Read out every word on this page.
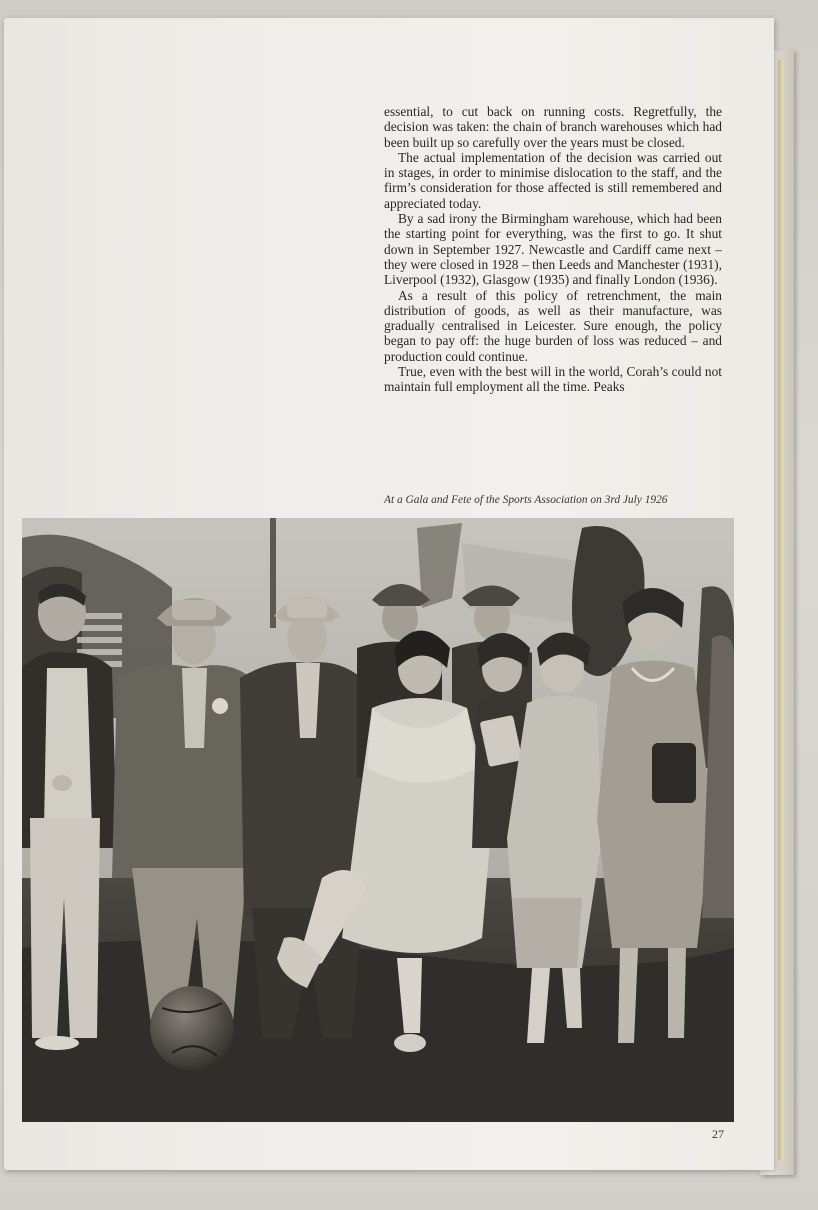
essential, to cut back on running costs. Regretfully, the decision was taken: the chain of branch warehouses which had been built up so carefully over the years must be closed.

The actual implementation of the decision was carried out in stages, in order to minimise dislocation to the staff, and the firm’s consideration for those affected is still remembered and appreciated today.

By a sad irony the Birmingham warehouse, which had been the starting point for everything, was the first to go. It shut down in September 1927. Newcastle and Cardiff came next – they were closed in 1928 – then Leeds and Manchester (1931), Liverpool (1932), Glasgow (1935) and finally London (1936).

As a result of this policy of retrenchment, the main distribution of goods, as well as their manufacture, was gradually centralised in Leicester. Sure enough, the policy began to pay off: the huge burden of loss was reduced – and production could continue.

True, even with the best will in the world, Corah’s could not maintain full employment all the time. Peaks

At a Gala and Fete of the Sports Association on 3rd July 1926
27
